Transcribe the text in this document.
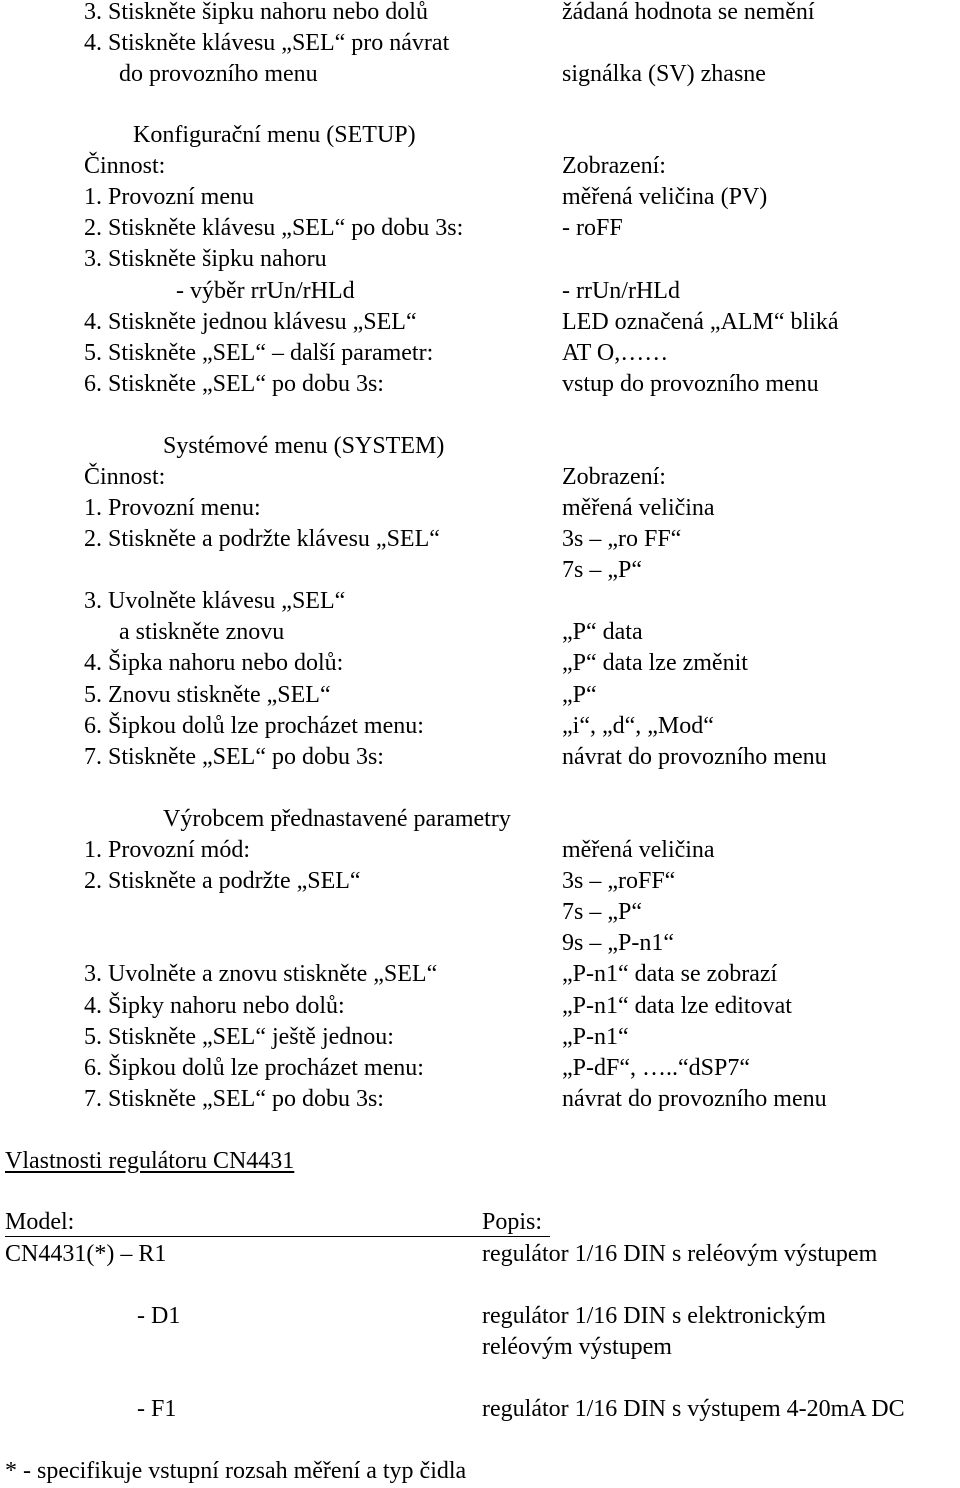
3. Stiskněte šipku nahoru nebo dolů	žádaná hodnota se nemění
4. Stiskněte klávesu „SEL“ pro návrat
do provozního menu	signálka (SV) zhasne
Konfigurační menu (SETUP)
Činnost:	Zobrazení:
1. Provozní menu	měřená veličina (PV)
2. Stiskněte klávesu „SEL“ po dobu 3s:	- roFF
3. Stiskněte šipku nahoru
- výběr rrUn/rHLd	- rrUn/rHLd
4. Stiskněte jednou klávesu „SEL“	LED označená „ALM“ bliká
5. Stiskněte „SEL“ – další parametr:	AT O,……
6. Stiskněte „SEL“ po dobu 3s:	vstup do provozního menu
Systémové menu (SYSTEM)
Činnost:	Zobrazení:
1. Provozní menu:	měřená veličina
2. Stiskněte a podržte klávesu „SEL“	3s – „ro FF“
7s – „P“
3. Uvolněte klávesu „SEL“
a stiskněte znovu	„P“ data
4. Šipka nahoru nebo dolů:	„P“ data lze změnit
5. Znovu stiskněte „SEL“	„P“
6. Šipkou dolů lze procházet menu:	„i“, „d“, „Mod“
7. Stiskněte „SEL“ po dobu 3s:	návrat do provozního menu
Výrobcem přednastavené parametry
1. Provozní mód:	měřená veličina
2. Stiskněte a podržte „SEL“	3s – „roFF“
7s – „P“
9s – „P-n1“
3. Uvolněte a znovu stiskněte „SEL“	„P-n1“ data se zobrazí
4. Šipky nahoru nebo dolů:	„P-n1“ data lze editovat
5. Stiskněte „SEL“ ještě jednou:	„P-n1“
6. Šipkou dolů lze procházet menu:	„P-dF“, …..“dSP7“
7. Stiskněte „SEL“ po dobu 3s:	návrat do provozního menu
Vlastnosti regulátoru CN4431
Model:	Popis:
CN4431(*) – R1	regulátor 1/16 DIN s reléovým výstupem
- D1	regulátor 1/16 DIN s elektronickým
reléovým výstupem
- F1	regulátor 1/16 DIN s výstupem 4-20mA DC
* - specifikuje vstupní rozsah měření a typ čidla
